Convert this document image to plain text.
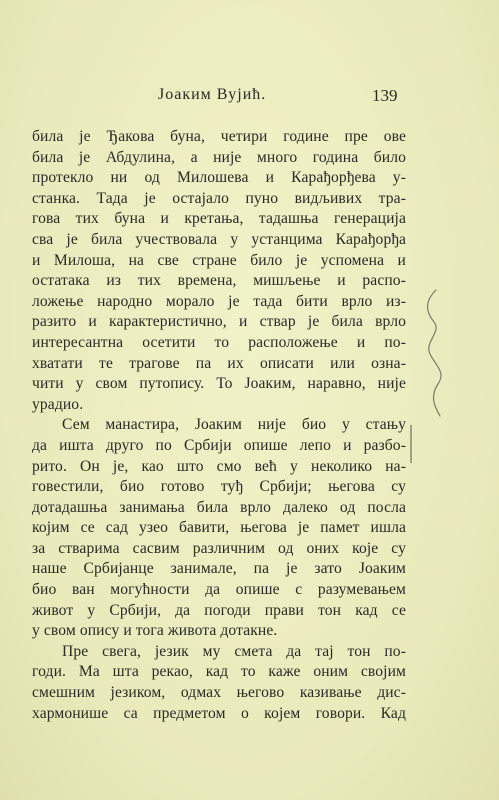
Јоаким Вујић.	139
била је Ђакова буна, четири године пре ове
била је Абдулина, а није много година било
протекло ни од Милошева и Карађорђева у-
станка. Тада је остајало пуно видљивих тра-
гова тих буна и кретања, тадашња генерација
сва је била учествовала у устанцима Карађорђа
и Милоша, на све стране било је успомена и
остатака из тих времена, мишљење и распо-
ложење народно морало је тада бити врло из-
разито и карактеристично, и ствар је била врло
интересантна осетити то расположење и по-
хватати те трагове па их описати или озна-
чити у свом путопису. То Јоаким, наравно, није
урадио.
Сем манастира, Јоаким није био у стању
да ишта друго по Србији опише лепо и разбо-
рито. Он је, као што смо већ у неколико на-
говестили, био готово туђ Србији; његова су
дотадашња занимања била врло далеко од посла
којим се сад узео бавити, његова је памет ишла
за стварима сасвим различним од оних које су
наше Србијанце занимале, па је зато Јоаким
био ван могућности да опише с разумевањем
живот у Србији, да погоди прави тон кад се
у свом опису и тога живота дотакне.
Пре свега, језик му смета да тај тон по-
годи. Ма шта рекао, кад то каже оним својим
смешним језиком, одмах његово казивање дис-
хармонише са предметом о којем говори. Кад
